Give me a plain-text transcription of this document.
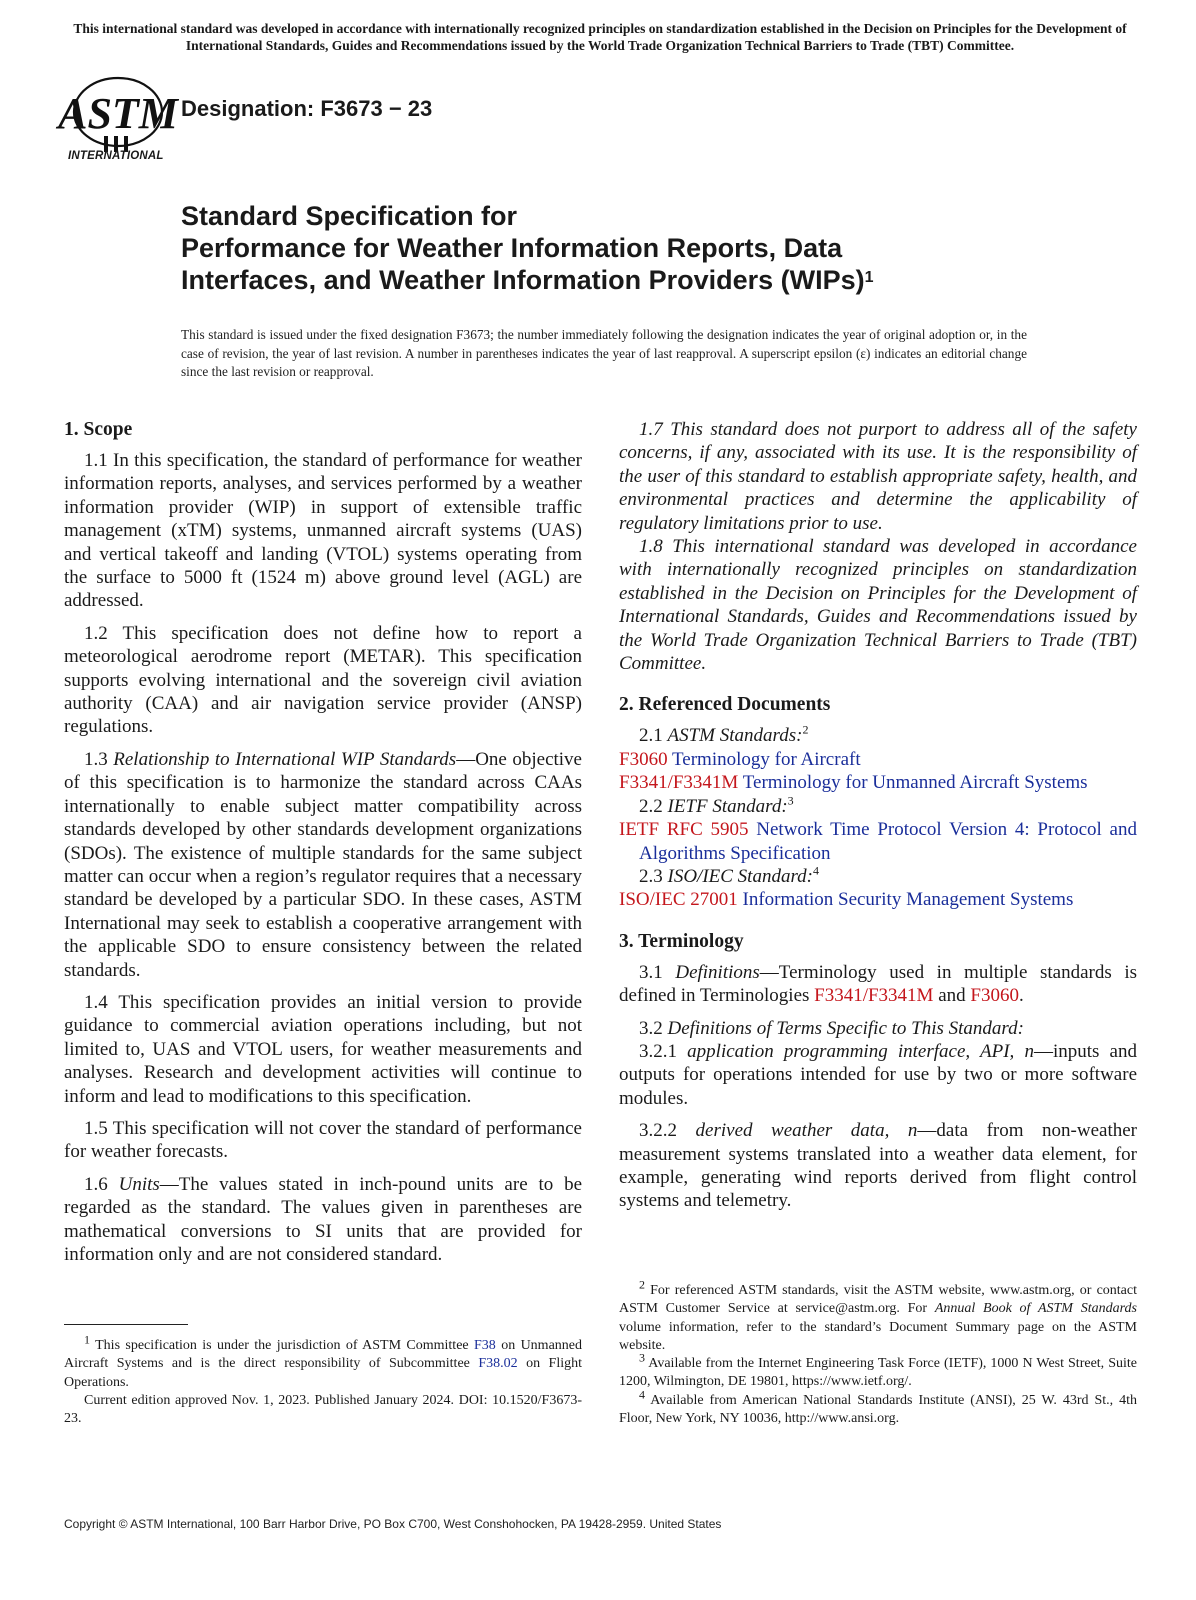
This international standard was developed in accordance with internationally recognized principles on standardization established in the Decision on Principles for the Development of International Standards, Guides and Recommendations issued by the World Trade Organization Technical Barriers to Trade (TBT) Committee.
ASTM
INTERNATIONAL
Designation: F3673 − 23
Standard Specification for
Performance for Weather Information Reports, Data
Interfaces, and Weather Information Providers (WIPs)$^1$
This standard is issued under the fixed designation F3673; the number immediately following the designation indicates the year of original adoption or, in the case of revision, the year of last revision. A number in parentheses indicates the year of last reapproval. A superscript epsilon (ε) indicates an editorial change since the last revision or reapproval.
1. Scope

1.1 In this specification, the standard of performance for weather information reports, analyses, and services performed by a weather information provider (WIP) in support of extensible traffic management (xTM) systems, unmanned aircraft systems (UAS) and vertical takeoff and landing (VTOL) systems operating from the surface to 5000 ft (1524 m) above ground level (AGL) are addressed.

1.2 This specification does not define how to report a meteorological aerodrome report (METAR). This specification supports evolving international and the sovereign civil aviation authority (CAA) and air navigation service provider (ANSP) regulations.

1.3 Relationship to International WIP Standards—One objective of this specification is to harmonize the standard across CAAs internationally to enable subject matter compatibility across standards developed by other standards development organizations (SDOs). The existence of multiple standards for the same subject matter can occur when a region’s regulator requires that a necessary standard be developed by a particular SDO. In these cases, ASTM International may seek to establish a cooperative arrangement with the applicable SDO to ensure consistency between the related standards.

1.4 This specification provides an initial version to provide guidance to commercial aviation operations including, but not limited to, UAS and VTOL users, for weather measurements and analyses. Research and development activities will continue to inform and lead to modifications to this specification.

1.5 This specification will not cover the standard of performance for weather forecasts.

1.6 Units—The values stated in inch-pound units are to be regarded as the standard. The values given in parentheses are mathematical conversions to SI units that are provided for information only and are not considered standard.

1.7 This standard does not purport to address all of the safety concerns, if any, associated with its use. It is the responsibility of the user of this standard to establish appropriate safety, health, and environmental practices and determine the applicability of regulatory limitations prior to use.

1.8 This international standard was developed in accordance with internationally recognized principles on standardization established in the Decision on Principles for the Development of International Standards, Guides and Recommendations issued by the World Trade Organization Technical Barriers to Trade (TBT) Committee.

2. Referenced Documents

2.1 ASTM Standards:$^2$

F3060 Terminology for Aircraft

F3341/F3341M Terminology for Unmanned Aircraft Systems

2.2 IETF Standard:$^3$

IETF RFC 5905 Network Time Protocol Version 4: Protocol and Algorithms Specification

2.3 ISO/IEC Standard:$^4$

ISO/IEC 27001 Information Security Management Systems

3. Terminology

3.1 Definitions—Terminology used in multiple standards is defined in Terminologies F3341/F3341M and F3060.

3.2 Definitions of Terms Specific to This Standard:

3.2.1 application programming interface, API, n—inputs and outputs for operations intended for use by two or more software modules.

3.2.2 derived weather data, n—data from non-weather measurement systems translated into a weather data element, for example, generating wind reports derived from flight control systems and telemetry.

$^1$ This specification is under the jurisdiction of ASTM Committee F38 on Unmanned Aircraft Systems and is the direct responsibility of Subcommittee F38.02 on Flight Operations.

Current edition approved Nov. 1, 2023. Published January 2024. DOI: 10.1520/F3673-23.

$^2$ For referenced ASTM standards, visit the ASTM website, www.astm.org, or contact ASTM Customer Service at service@astm.org. For Annual Book of ASTM Standards volume information, refer to the standard’s Document Summary page on the ASTM website.

$^3$ Available from the Internet Engineering Task Force (IETF), 1000 N West Street, Suite 1200, Wilmington, DE 19801, https://www.ietf.org/.

$^4$ Available from American National Standards Institute (ANSI), 25 W. 43rd St., 4th Floor, New York, NY 10036, http://www.ansi.org.

Copyright © ASTM International, 100 Barr Harbor Drive, PO Box C700, West Conshohocken, PA 19428-2959. United States
